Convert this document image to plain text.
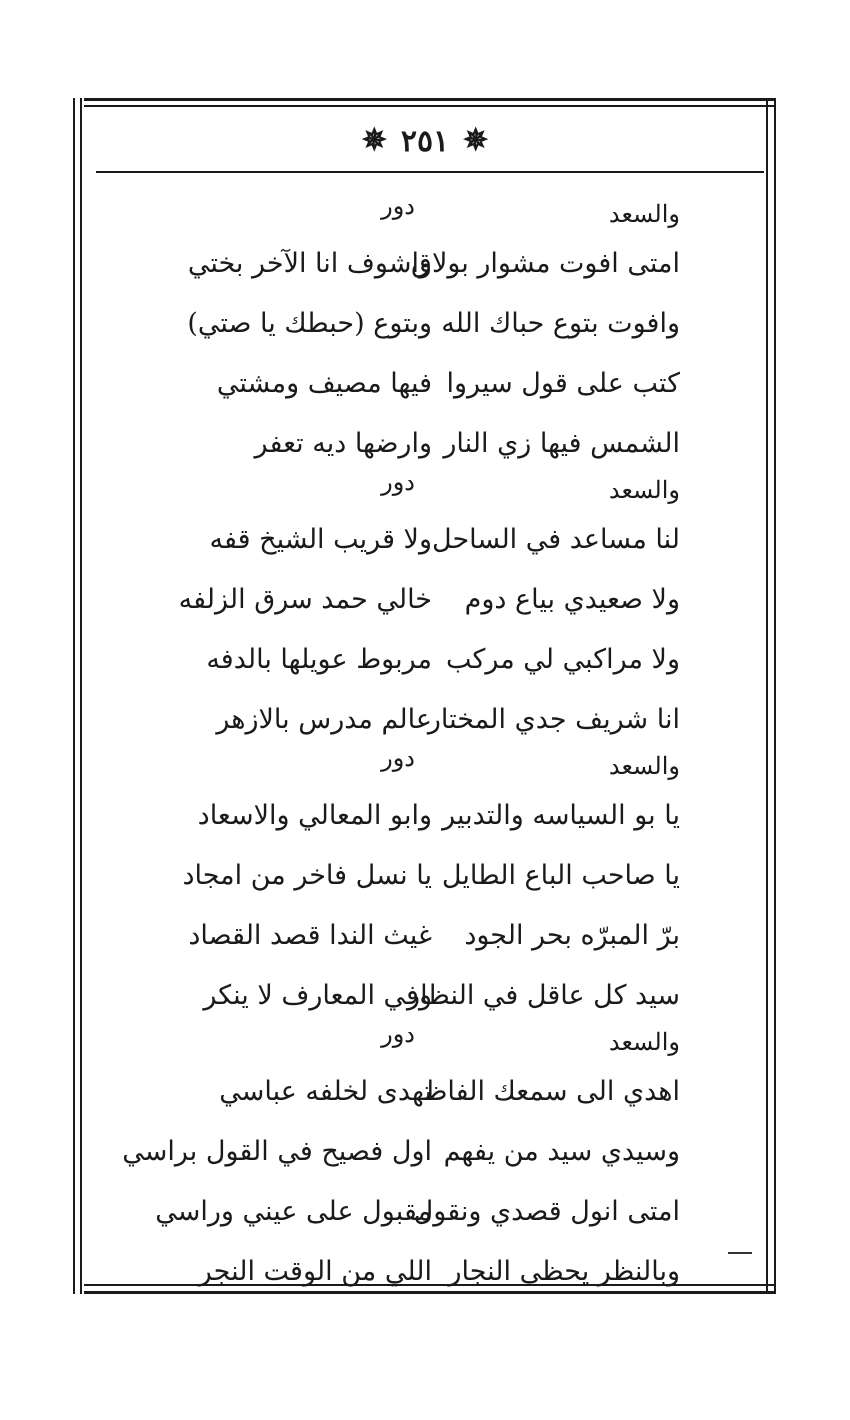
✵
٢٥١
✵
والسعد
دور
امتى افوت مشوار بولاق
واشوف انا الآخر بختي
وافوت بتوع حباك الله
وبتوع (حبطك يا صتي)
كتب على قول سيروا
فيها مصيف ومشتي
الشمس فيها زي النار
وارضها ديه تعفر
والسعد
دور
لنا مساعد في الساحل
ولا قريب الشيخ قفه
ولا صعيدي بياع دوم
خالي حمد سرق الزلفه
ولا مراكبي لي مركب
مربوط عويلها بالدفه
انا شريف جدي المختار
عالم مدرس بالازهر
والسعد
دور
يا بو السياسه والتدبير
وابو المعالي والاسعاد
يا صاحب الباع الطايل
يا نسل فاخر من امجاد
برّ المبرّه بحر الجود
غيث الندا قصد القصاد
سيد كل عاقل في النظار
وفي المعارف لا ينكر
والسعد
دور
اهدي الى سمعك الفاظ
تهدى لخلفه عباسي
وسيدي سيد من يفهم
اول فصيح في القول براسي
امتى انول قصدي ونقول
مقبول على عيني وراسي
وبالنظر يحظى النجار
اللي من الوقت النجر
